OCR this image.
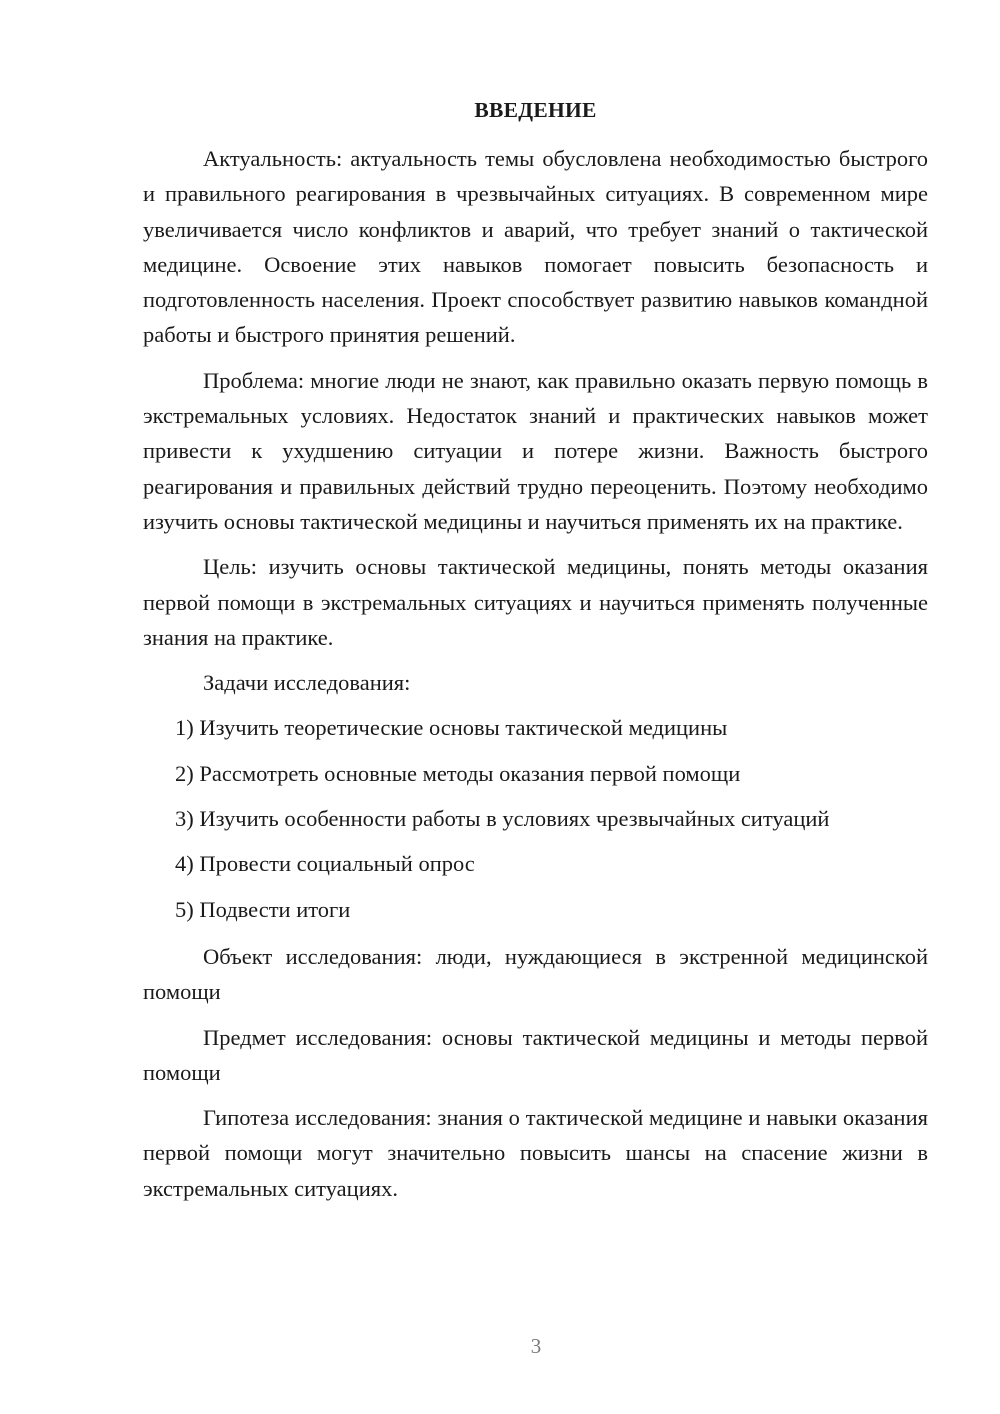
ВВЕДЕНИЕ

Актуальность: актуальность темы обусловлена необходимостью быстрого и правильного реагирования в чрезвычайных ситуациях. В современном мире увеличивается число конфликтов и аварий, что требует знаний о тактической медицине. Освоение этих навыков помогает повысить безопасность и подготовленность населения. Проект способствует развитию навыков командной работы и быстрого принятия решений.

Проблема: многие люди не знают, как правильно оказать первую помощь в экстремальных условиях. Недостаток знаний и практических навыков может привести к ухудшению ситуации и потере жизни. Важность быстрого реагирования и правильных действий трудно переоценить. Поэтому необходимо изучить основы тактической медицины и научиться применять их на практике.

Цель: изучить основы тактической медицины, понять методы оказания первой помощи в экстремальных ситуациях и научиться применять полученные знания на практике.

Задачи исследования:
1) Изучить теоретические основы тактической медицины
2) Рассмотреть основные методы оказания первой помощи
3) Изучить особенности работы в условиях чрезвычайных ситуаций
4) Провести социальный опрос
5) Подвести итоги

Объект исследования: люди, нуждающиеся в экстренной медицинской помощи

Предмет исследования: основы тактической медицины и методы первой помощи

Гипотеза исследования: знания о тактической медицине и навыки оказания первой помощи могут значительно повысить шансы на спасение жизни в экстремальных ситуациях.

3
